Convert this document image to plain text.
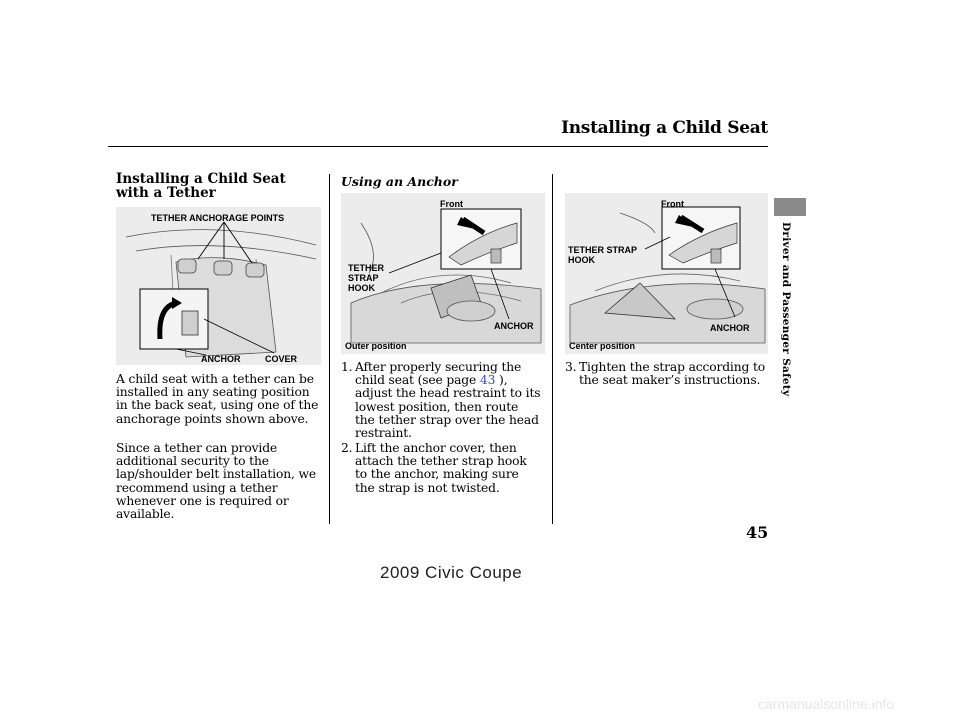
Installing a Child Seat
Installing a Child Seat with a Tether
TETHER ANCHORAGE POINTS
ANCHOR	COVER
A child seat with a tether can be installed in any seating position in the back seat, using one of the anchorage points shown above.
Since a tether can provide additional security to the lap/shoulder belt installation, we recommend using a tether whenever one is required or available.
Using an Anchor
Front
TETHER STRAP HOOK
ANCHOR
Outer position
1. After properly securing the child seat (see page 43 ), adjust the head restraint to its lowest position, then route the tether strap over the head restraint.
2. Lift the anchor cover, then attach the tether strap hook to the anchor, making sure the strap is not twisted.
Front
TETHER STRAP HOOK
ANCHOR
Center position
3. Tighten the strap according to the seat maker’s instructions.	Driver and Passenger Safety
45
2009 Civic Coupe
carmanualsonline.info
